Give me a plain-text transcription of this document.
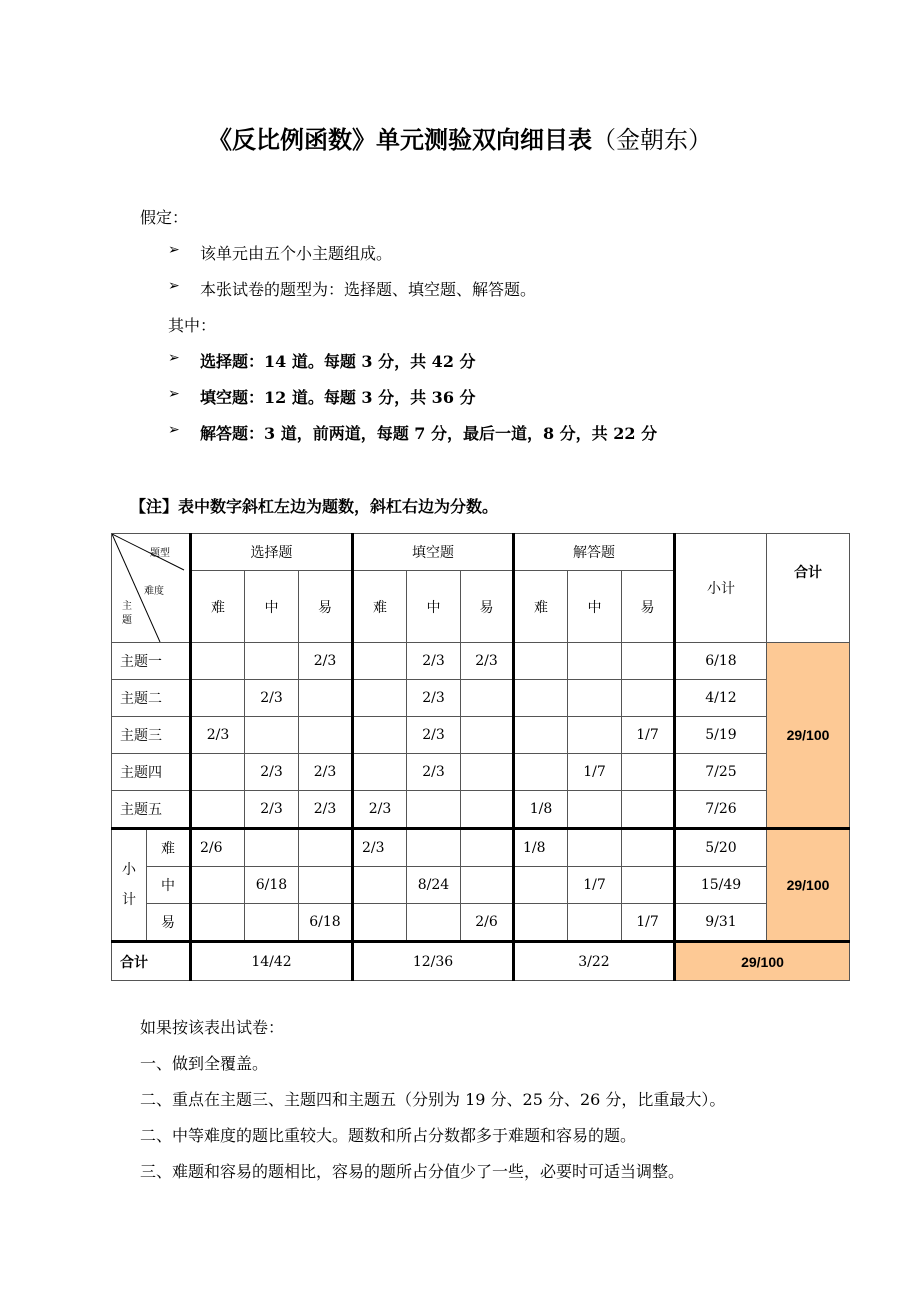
《反比例函数》单元测验双向细目表（金朝东）
假定：
➢ 该单元由五个小主题组成。
➢ 本张试卷的题型为：选择题、填空题、解答题。
其中：
➢ 选择题：14 道。每题 3 分，共 42 分
➢ 填空题：12 道。每题 3 分，共 36 分
➢ 解答题：3 道，前两道，每题 7 分，最后一道，8 分，共 22 分
【注】表中数字斜杠左边为题数，斜杠右边为分数。
题型
难度
主题		选择题			填空题			解答题			小计	合计
		难	中	易	难	中	易	难	中	易		
主题一				2/3		2/3	2/3				6/18	29/100
主题二			2/3			2/3					4/12	
主题三		2/3				2/3				1/7	5/19	
主题四			2/3	2/3		2/3			1/7		7/25	
主题五			2/3	2/3	2/3			1/8			7/26	
小计	难	2/6			2/3			1/8			5/20	29/100
	中		6/18			8/24			1/7		15/49	
	易			6/18			2/6			1/7	9/31	
合计		14/42			12/36			3/22			29/100	
如果按该表出试卷：
一、做到全覆盖。
二、重点在主题三、主题四和主题五（分别为 19 分、25 分、26 分，比重最大）。
二、中等难度的题比重较大。题数和所占分数都多于难题和容易的题。
三、难题和容易的题相比，容易的题所占分值少了一些，必要时可适当调整。
